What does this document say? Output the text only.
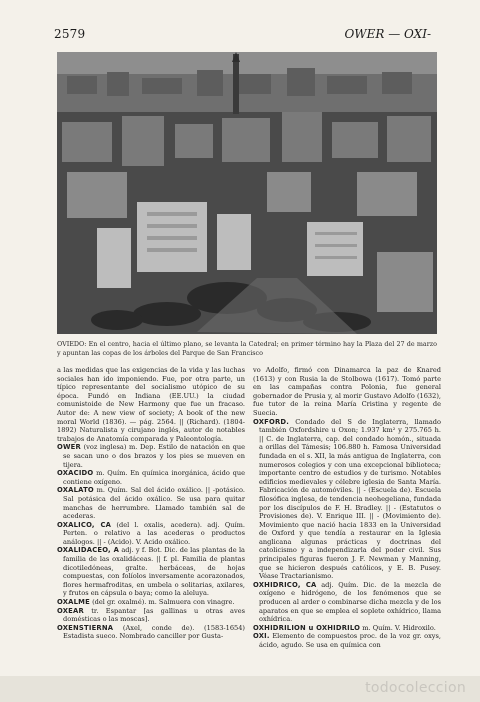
2579	OWER — OXI-
OVIEDO: En el centro, hacia el último plano, se levanta la Catedral; en primer término hay la Plaza del 27 de marzo y apuntan las copas de los árboles del Parque de San Francisco

a las medidas que las exigencias de la vida y las luchas sociales han ido imponiendo. Fue, por otra parte, un típico representante del socialismo utópico de su época. Fundó en Indiana (EE.UU.) la ciudad comunistoide de New Harmony que fue un fracaso. Autor de: A new view of society; A book of the new moral World (1836). — pág. 2564. || (Richard). (1804-1892) Naturalista y cirujano inglés, autor de notables trabajos de Anatomía comparada y Paleontología.

OWER (voz inglesa) m. Dep. Estilo de natación en que se sacan uno o dos brazos y los pies se mueven en tijera.

OXACIDO m. Quím. En química inorgánica, ácido que contiene oxígeno.

OXALATO m. Quím. Sal del ácido oxálico. || -potásico. Sal potásica del ácido oxálico. Se usa para quitar manchas de herrumbre. Llamado también sal de acederas.

OXALICO, CA (del l. oxalis, acedera). adj. Quím. Perten. o relativo a las acederas o productos análogos. || - (Acido). V. Acido oxálico.

OXALIDACEO, A adj. y f. Bot. Dic. de las plantas de la familia de las oxalidáceas. || f. pl. Familia de plantas dicotiledóneas, gralte. herbáceas, de hojas compuestas, con folíolos inversamente acorazonados, flores hermafroditas, en umbela o solitarias, axilares, y frutos en cápsula o baya; como la aleluya.

OXALME (del gr. oxalmé). m. Salmuera con vinagre.

OXEAR tr. Espantar [as gallinas u otras aves domésticas o las moscas].

OXENSTIERNA (Axel, conde de). (1583-1654) Estadista sueco. Nombrado canciller por Gusta-

vo Adolfo, firmó con Dinamarca la paz de Knared (1613) y con Rusia la de Stolbowa (1617). Tomó parte en las campañas contra Polonia, fue general gobernador de Prusia y, al morir Gustavo Adolfo (1632), fue tutor de la reina María Cristina y regente de Suecia.

OXFORD. Condado del S de Inglaterra, llamado también Oxfordshire u Oxon; 1.937 km² y 275.765 h. || C. de Inglaterra, cap. del condado homón., situada a orillas del Támesis; 106.880 h. Famosa Universidad fundada en el s. XII, la más antigua de Inglaterra, con numerosos colegios y con una excepcional biblioteca; importante centro de estudios y de turismo. Notables edificios medievales y célebre iglesia de Santa María. Fabricación de automóviles. || - (Escuela de). Escuela filosófica inglesa, de tendencia neohegeliana, fundada por los discípulos de F. H. Bradley. || - (Estatutos o Provisiones de). V. Enrique III. || - (Movimiento de). Movimiento que nació hacia 1833 en la Universidad de Oxford y que tendía a restaurar en la Iglesia anglicana algunas prácticas y doctrinas del catolicismo y a independizarla del poder civil. Sus principales figuras fueron J. F. Newman y Manning, que se hicieron después católicos, y E. B. Pusey. Véase Tractarianismo.

OXHIDRICO, CA adj. Quím. Dic. de la mezcla de oxígeno e hidrógeno, de los fenómenos que se producen al arder o combinarse dicha mezcla y de los aparatos en que se emplea el soplete oxhídrico, llama oxhídrica.

OXHIDRILION u OXHIDRILO m. Quím. V. Hidroxilo.

OXI. Elemento de compuestos proc. de la voz gr. oxys, ácido, agudo. Se usa en química con

todocoleccion
